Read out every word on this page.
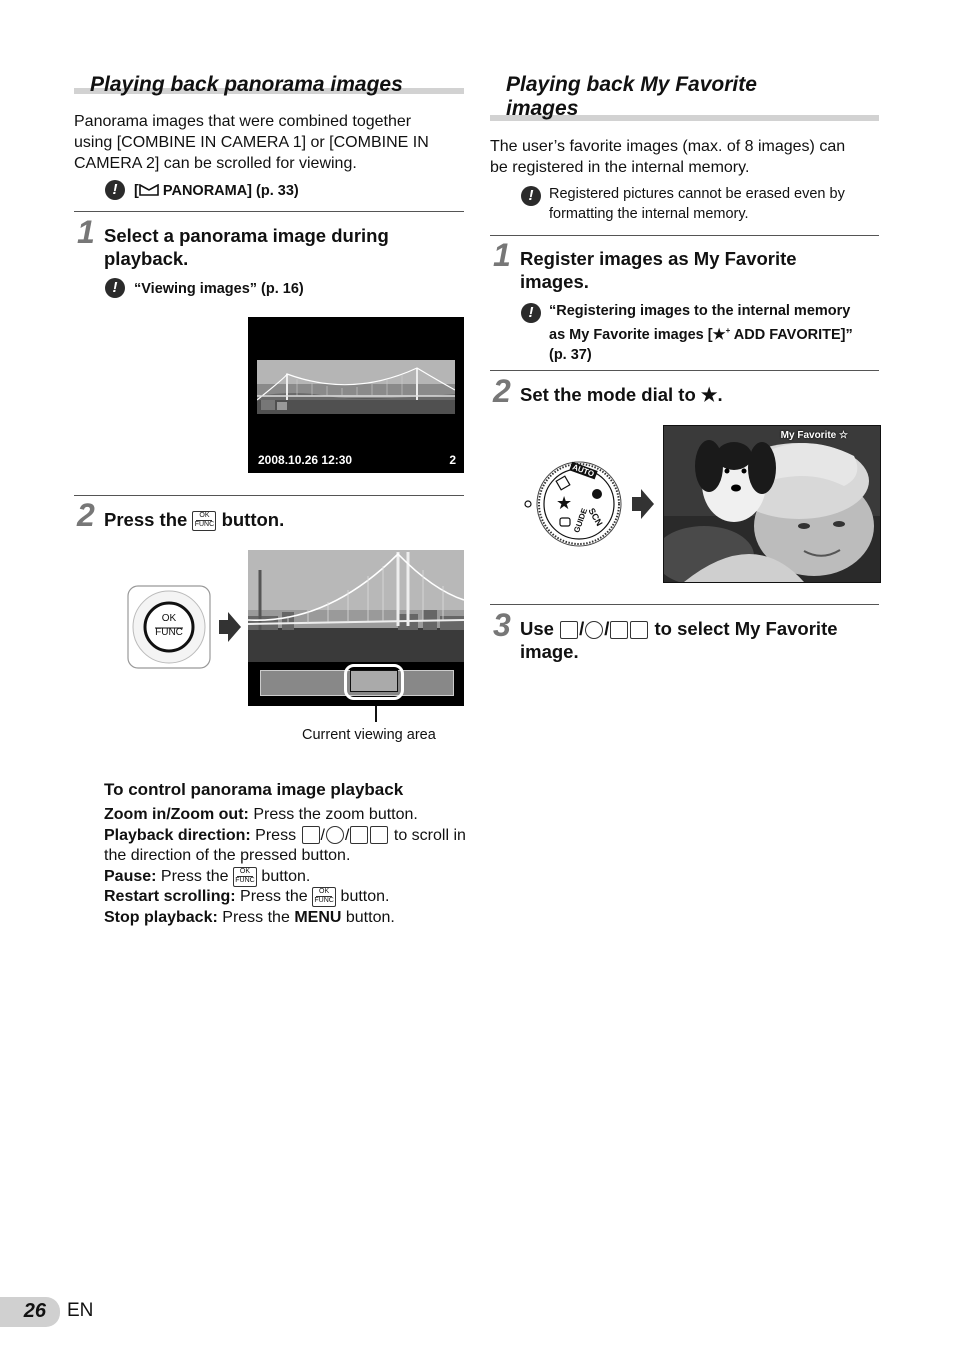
Playing back panorama images
Panorama images that were combined together
using [COMBINE IN CAMERA 1] or [COMBINE IN
CAMERA 2] can be scrolled for viewing.
!	[ PANORAMA] (p. 33)
1 Select a panorama image during
playback.
!	“Viewing images” (p. 16)
2008.10.26 12:30	2
2 Press the	OK
FUNC button.
OK
FUNC
Current viewing area
To control panorama image playback
Zoom in/Zoom out: Press the zoom button.
Playback direction: Press / /	to scroll in
the direction of the pressed button.
Pause: Press the	OK
FUNC button.
Restart scrolling: Press the	OK
FUNC button.
Stop playback: Press the MENU button.
Playing back My Favorite
images
The user’s favorite images (max. of 8 images) can
be registered in the internal memory.
!	Registered pictures cannot be erased even by
formatting the internal memory.
1 Register images as My Favorite
images.
!	“Registering images to the internal memory
as My Favorite images [★+ ADD FAVORITE]”
(p. 37)
2 Set the mode dial to ★.
★
AUTO
SCN
GUIDE
My Favorite ☆
3 Use / / to select My Favorite
image.
26 EN
